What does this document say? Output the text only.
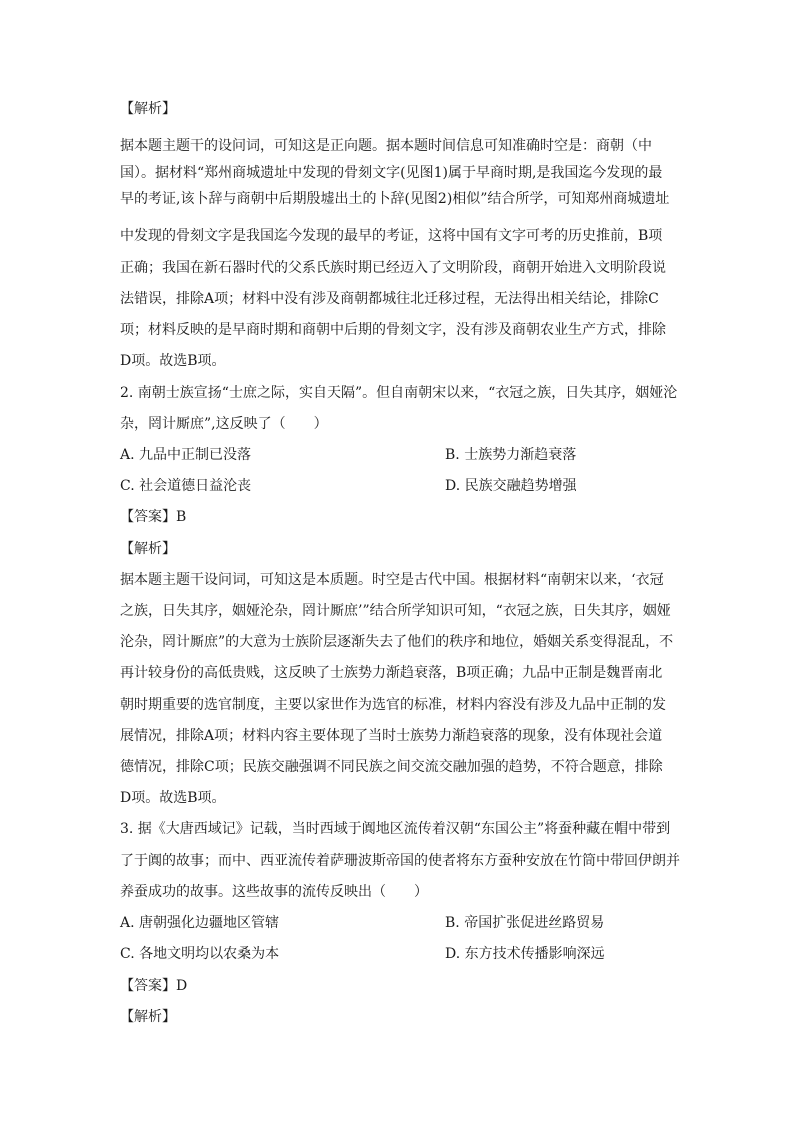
【解析】
据本题主题干的设问词，可知这是正向题。据本题时间信息可知准确时空是：商朝（中
国）。据材料“郑州商城遗址中发现的骨刻文字(见图1)属于早商时期,是我国迄今发现的最
早的考证,该卜辞与商朝中后期殷墟出土的卜辞(见图2)相似”结合所学，可知郑州商城遗址
中发现的骨刻文字是我国迄今发现的最早的考证，这将中国有文字可考的历史推前，B项
正确；我国在新石器时代的父系氏族时期已经迈入了文明阶段，商朝开始进入文明阶段说
法错误，排除A项；材料中没有涉及商朝都城往北迁移过程，无法得出相关结论，排除C
项；材料反映的是早商时期和商朝中后期的骨刻文字，没有涉及商朝农业生产方式，排除
D项。故选B项。
2. 南朝士族宣扬“士庶之际，实自天隔”。但自南朝宋以来，“衣冠之族，日失其序，姻娅沦
杂，罔计厮庶”,这反映了（　　）
A. 九品中正制已没落	B. 士族势力渐趋衰落
C. 社会道德日益沦丧	D. 民族交融趋势增强
【答案】B
【解析】
据本题主题干设问词，可知这是本质题。时空是古代中国。根据材料“南朝宋以来，‘衣冠
之族，日失其序，姻娅沦杂，罔计厮庶’”结合所学知识可知，“衣冠之族，日失其序，姻娅
沦杂，罔计厮庶”的大意为士族阶层逐渐失去了他们的秩序和地位，婚姻关系变得混乱，不
再计较身份的高低贵贱，这反映了士族势力渐趋衰落，B项正确；九品中正制是魏晋南北
朝时期重要的选官制度，主要以家世作为选官的标准，材料内容没有涉及九品中正制的发
展情况，排除A项；材料内容主要体现了当时士族势力渐趋衰落的现象，没有体现社会道
德情况，排除C项；民族交融强调不同民族之间交流交融加强的趋势，不符合题意，排除
D项。故选B项。
3. 据《大唐西域记》记载，当时西域于阗地区流传着汉朝“东国公主”将蚕种藏在帽中带到
了于阗的故事；而中、西亚流传着萨珊波斯帝国的使者将东方蚕种安放在竹筒中带回伊朗并
养蚕成功的故事。这些故事的流传反映出（　　）
A. 唐朝强化边疆地区管辖	B. 帝国扩张促进丝路贸易
C. 各地文明均以农桑为本	D. 东方技术传播影响深远
【答案】D
【解析】
